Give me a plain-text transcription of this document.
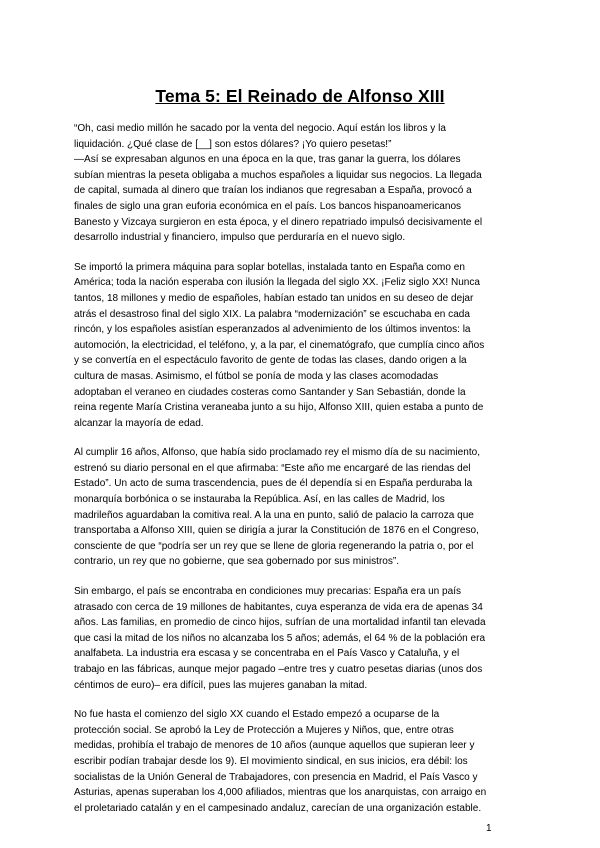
Tema 5: El Reinado de Alfonso XIII

“Oh, casi medio millón he sacado por la venta del negocio. Aquí están los libros y la
liquidación. ¿Qué clase de [__] son estos dólares? ¡Yo quiero pesetas!”
—Así se expresaban algunos en una época en la que, tras ganar la guerra, los dólares
subían mientras la peseta obligaba a muchos españoles a liquidar sus negocios. La llegada
de capital, sumada al dinero que traían los indianos que regresaban a España, provocó a
finales de siglo una gran euforia económica en el país. Los bancos hispanoamericanos
Banesto y Vizcaya surgieron en esta época, y el dinero repatriado impulsó decisivamente el
desarrollo industrial y financiero, impulso que perduraría en el nuevo siglo.

Se importó la primera máquina para soplar botellas, instalada tanto en España como en
América; toda la nación esperaba con ilusión la llegada del siglo XX. ¡Feliz siglo XX! Nunca
tantos, 18 millones y medio de españoles, habían estado tan unidos en su deseo de dejar
atrás el desastroso final del siglo XIX. La palabra “modernización” se escuchaba en cada
rincón, y los españoles asistían esperanzados al advenimiento de los últimos inventos: la
automoción, la electricidad, el teléfono, y, a la par, el cinematógrafo, que cumplía cinco años
y se convertía en el espectáculo favorito de gente de todas las clases, dando origen a la
cultura de masas. Asimismo, el fútbol se ponía de moda y las clases acomodadas
adoptaban el veraneo en ciudades costeras como Santander y San Sebastián, donde la
reina regente María Cristina veraneaba junto a su hijo, Alfonso XIII, quien estaba a punto de
alcanzar la mayoría de edad.

Al cumplir 16 años, Alfonso, que había sido proclamado rey el mismo día de su nacimiento,
estrenó su diario personal en el que afirmaba: “Este año me encargaré de las riendas del
Estado”. Un acto de suma trascendencia, pues de él dependía si en España perduraba la
monarquía borbónica o se instauraba la República. Así, en las calles de Madrid, los
madrileños aguardaban la comitiva real. A la una en punto, salió de palacio la carroza que
transportaba a Alfonso XIII, quien se dirigía a jurar la Constitución de 1876 en el Congreso,
consciente de que “podría ser un rey que se llene de gloria regenerando la patria o, por el
contrario, un rey que no gobierne, que sea gobernado por sus ministros”.

Sin embargo, el país se encontraba en condiciones muy precarias: España era un país
atrasado con cerca de 19 millones de habitantes, cuya esperanza de vida era de apenas 34
años. Las familias, en promedio de cinco hijos, sufrían de una mortalidad infantil tan elevada
que casi la mitad de los niños no alcanzaba los 5 años; además, el 64 % de la población era
analfabeta. La industria era escasa y se concentraba en el País Vasco y Cataluña, y el
trabajo en las fábricas, aunque mejor pagado –entre tres y cuatro pesetas diarias (unos dos
céntimos de euro)– era difícil, pues las mujeres ganaban la mitad.

No fue hasta el comienzo del siglo XX cuando el Estado empezó a ocuparse de la
protección social. Se aprobó la Ley de Protección a Mujeres y Niños, que, entre otras
medidas, prohibía el trabajo de menores de 10 años (aunque aquellos que supieran leer y
escribir podían trabajar desde los 9). El movimiento sindical, en sus inicios, era débil: los
socialistas de la Unión General de Trabajadores, con presencia en Madrid, el País Vasco y
Asturias, apenas superaban los 4,000 afiliados, mientras que los anarquistas, con arraigo en
el proletariado catalán y en el campesinado andaluz, carecían de una organización estable.

1
